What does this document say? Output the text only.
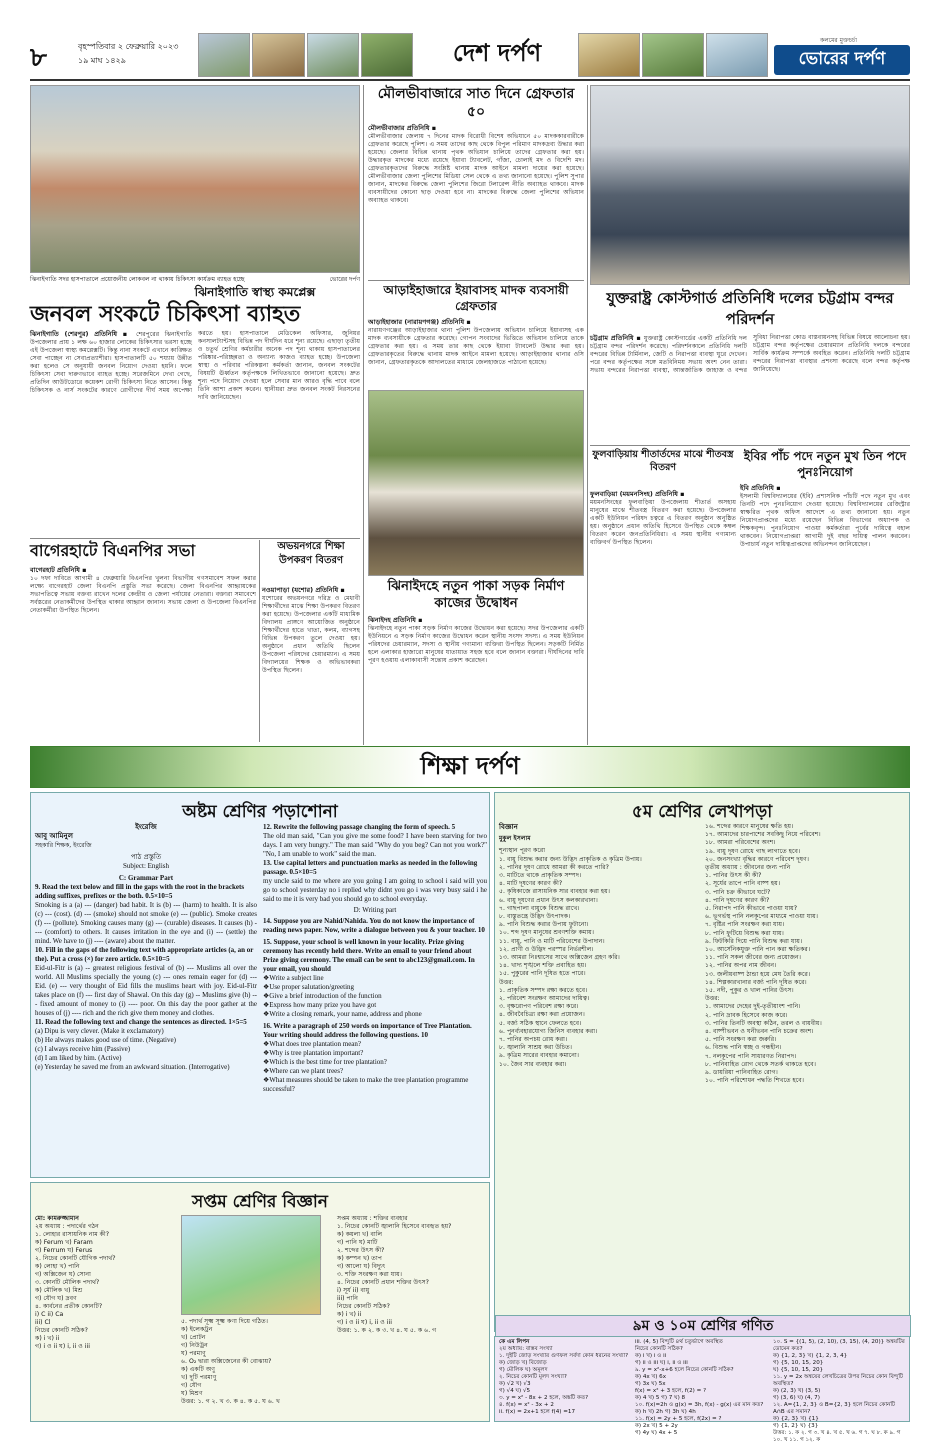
৮	বৃহস্পতিবার ২ ফেব্রুয়ারি ২০২৩
১৯ মাঘ ১৪২৯	দেশ দর্পণ	কলমের মুক্তচর্চা
ভোরের দর্পণ
ঝিনাইগাতি সদর হাসপাতালে প্রয়োজনীয় লোকবল না থাকায় চিকিৎসা কার্যক্রম ব্যাহত হচ্ছে	ভোরের দর্পণ
ঝিনাইগাতি স্বাস্থ্য কমপ্লেক্স
জনবল সংকটে চিকিৎসা ব্যাহত
ঝিনাইগাতি (শেরপুর) প্রতিনিধি ▪ শেরপুরের ঝিনাইগাতি উপজেলার প্রায় ১ লক্ষ ৬০ হাজার লোকের চিকিৎসার ভরসা হচ্ছে এই উপজেলা স্বাস্থ্য কমপ্লেক্সটি। কিন্তু নানা সংকটে এখানে কাঙ্ক্ষিত সেবা পাচ্ছেন না সেবাপ্রত্যাশীরা। হাসপাতালটি ৫০ শয্যায় উন্নীত করা হলেও সে অনুযায়ী জনবল নিয়োগ দেওয়া হয়নি। ফলে চিকিৎসা সেবা দারুণভাবে ব্যাহত হচ্ছে। সরেজমিনে দেখা গেছে, প্রতিদিন আউটডোরে কয়েকশ রোগী চিকিৎসা নিতে আসেন। কিন্তু চিকিৎসক ও নার্স সংকটের কারণে রোগীদের দীর্ঘ সময় অপেক্ষা করতে হয়। হাসপাতালে মেডিকেল অফিসার, জুনিয়র কনসালট্যান্টসহ বিভিন্ন পদ দীর্ঘদিন ধরে শূন্য রয়েছে। এছাড়া তৃতীয় ও চতুর্থ শ্রেণির কর্মচারীর অনেক পদ শূন্য থাকায় হাসপাতালের পরিষ্কার-পরিচ্ছন্নতা ও অন্যান্য কাজও ব্যাহত হচ্ছে। উপজেলা স্বাস্থ্য ও পরিবার পরিকল্পনা কর্মকর্তা জানান, জনবল সংকটের বিষয়টি ঊর্ধ্বতন কর্তৃপক্ষকে লিখিতভাবে জানানো হয়েছে। দ্রুত শূন্য পদে নিয়োগ দেওয়া হলে সেবার মান আরও বৃদ্ধি পাবে বলে তিনি আশা প্রকাশ করেন। স্থানীয়রা দ্রুত জনবল সংকট নিরসনের দাবি জানিয়েছেন।
মৌলভীবাজারে সাত দিনে গ্রেফতার ৫০
মৌলভীবাজার প্রতিনিধি ▪
মৌলভীবাজার জেলায় ৭ দিনের মাদক বিরোধী বিশেষ অভিযানে ৫০ মাদককারবারীকে গ্রেফতার করেছে পুলিশ। এ সময় তাদের কাছ থেকে বিপুল পরিমাণ মাদকদ্রব্য উদ্ধার করা হয়েছে। জেলার বিভিন্ন থানায় পৃথক অভিযান চালিয়ে তাদের গ্রেফতার করা হয়। উদ্ধারকৃত মাদকের মধ্যে রয়েছে ইয়াবা ট্যাবলেট, গাঁজা, চোলাই মদ ও বিদেশি মদ। গ্রেফতারকৃতদের বিরুদ্ধে সংশ্লিষ্ট থানায় মাদক আইনে মামলা দায়ের করা হয়েছে। মৌলভীবাজার জেলা পুলিশের মিডিয়া সেল থেকে এ তথ্য জানানো হয়েছে। পুলিশ সুপার জানান, মাদকের বিরুদ্ধে জেলা পুলিশের জিরো টলারেন্স নীতি অব্যাহত থাকবে। মাদক ব্যবসায়ীদের কোনো ছাড় দেওয়া হবে না। মাদকের বিরুদ্ধে জেলা পুলিশের অভিযান অব্যাহত থাকবে।
আড়াইহাজারে ইয়াবাসহ মাদক ব্যবসায়ী গ্রেফতার
আড়াইহাজার (নারায়ণগঞ্জ) প্রতিনিধি ▪
নারায়ণগঞ্জের আড়াইহাজার থানা পুলিশ উপজেলায় অভিযান চালিয়ে ইয়াবাসহ এক মাদক ব্যবসায়ীকে গ্রেফতার করেছে। গোপন সংবাদের ভিত্তিতে অভিযান চালিয়ে তাকে গ্রেফতার করা হয়। এ সময় তার কাছ থেকে ইয়াবা ট্যাবলেট উদ্ধার করা হয়। গ্রেফতারকৃতের বিরুদ্ধে থানায় মাদক আইনে মামলা হয়েছে। আড়াইহাজার থানার ওসি জানান, গ্রেফতারকৃতকে আদালতের মাধ্যমে জেলহাজতে পাঠানো হয়েছে।
যুক্তরাষ্ট্র কোস্টগার্ড প্রতিনিধি দলের চট্টগ্রাম বন্দর পরিদর্শন
চট্টগ্রাম প্রতিনিধি ▪ যুক্তরাষ্ট্র কোস্টগার্ডের একটি প্রতিনিধি দল চট্টগ্রাম বন্দর পরিদর্শন করেছে। পরিদর্শনকালে প্রতিনিধি দলটি বন্দরের বিভিন্ন টার্মিনাল, জেটি ও নিরাপত্তা ব্যবস্থা ঘুরে দেখেন। পরে বন্দর কর্তৃপক্ষের সঙ্গে মতবিনিময় সভায় অংশ নেন তারা। সভায় বন্দরের নিরাপত্তা ব্যবস্থা, আন্তর্জাতিক জাহাজ ও বন্দর সুবিধা নিরাপত্তা কোড বাস্তবায়নসহ বিভিন্ন বিষয়ে আলোচনা হয়। চট্টগ্রাম বন্দর কর্তৃপক্ষের চেয়ারম্যান প্রতিনিধি দলকে বন্দরের সার্বিক কার্যক্রম সম্পর্কে অবহিত করেন। প্রতিনিধি দলটি চট্টগ্রাম বন্দরের নিরাপত্তা ব্যবস্থার প্রশংসা করেছে বলে বন্দর কর্তৃপক্ষ জানিয়েছে।
ইবির পাঁচ পদে নতুন মুখ তিন পদে পুনঃনিয়োগ
ইবি প্রতিনিধি ▪
ইসলামী বিশ্ববিদ্যালয়ের (ইবি) প্রশাসনিক পাঁচটি পদে নতুন মুখ এবং তিনটি পদে পুনঃনিয়োগ দেওয়া হয়েছে। বিশ্ববিদ্যালয়ের রেজিস্ট্রার স্বাক্ষরিত পৃথক অফিস আদেশে এ তথ্য জানানো হয়। নতুন নিয়োগপ্রাপ্তদের মধ্যে রয়েছেন বিভিন্ন বিভাগের অধ্যাপক ও শিক্ষকবৃন্দ। পুনঃনিয়োগ পাওয়া কর্মকর্তারা পূর্বের দায়িত্বে বহাল থাকবেন। নিয়োগপ্রাপ্তরা আগামী দুই বছর দায়িত্ব পালন করবেন। উপাচার্য নতুন দায়িত্বপ্রাপ্তদের অভিনন্দন জানিয়েছেন।
ফুলবাড়িয়ায় শীতার্তদের মাঝে শীতবস্ত্র বিতরণ
ফুলবাড়িয়া (ময়মনসিংহ) প্রতিনিধি ▪
ময়মনসিংহের ফুলবাড়িয়া উপজেলায় শীতার্ত অসহায় মানুষের মাঝে শীতবস্ত্র বিতরণ করা হয়েছে। উপজেলার একটি ইউনিয়ন পরিষদ চত্বরে এ বিতরণ অনুষ্ঠান অনুষ্ঠিত হয়। অনুষ্ঠানে প্রধান অতিথি হিসেবে উপস্থিত থেকে কম্বল বিতরণ করেন জনপ্রতিনিধিরা। এ সময় স্থানীয় গণ্যমান্য ব্যক্তিবর্গ উপস্থিত ছিলেন।
বাগেরহাটে বিএনপির সভা
বাগেরহাট প্রতিনিধি ▪
১০ দফা দাবিতে আগামী ৪ ফেব্রুয়ারি বিএনপির খুলনা বিভাগীয় গণসমাবেশ সফল করার লক্ষ্যে বাগেরহাট জেলা বিএনপি প্রস্তুতি সভা করেছে। জেলা বিএনপির আহ্বায়কের সভাপতিত্বে সভায় বক্তব্য রাখেন দলের কেন্দ্রীয় ও জেলা পর্যায়ের নেতারা। বক্তারা সমাবেশে সর্বস্তরের নেতাকর্মীদের উপস্থিত থাকার আহ্বান জানান। সভায় জেলা ও উপজেলা বিএনপির নেতাকর্মীরা উপস্থিত ছিলেন।
অভয়নগরে শিক্ষা উপকরণ বিতরণ
নওয়াপাড়া (যশোর) প্রতিনিধি ▪
যশোরের অভয়নগরে দরিদ্র ও মেধাবী শিক্ষার্থীদের মাঝে শিক্ষা উপকরণ বিতরণ করা হয়েছে। উপজেলার একটি মাধ্যমিক বিদ্যালয় প্রাঙ্গণে আয়োজিত অনুষ্ঠানে শিক্ষার্থীদের হাতে খাতা, কলম, ব্যাগসহ বিভিন্ন উপকরণ তুলে দেওয়া হয়। অনুষ্ঠানে প্রধান অতিথি ছিলেন উপজেলা পরিষদের চেয়ারম্যান। এ সময় বিদ্যালয়ের শিক্ষক ও অভিভাবকরা উপস্থিত ছিলেন।
ঝিনাইদহে নতুন পাকা সড়ক নির্মাণ কাজের উদ্বোধন
ঝিনাইদহ প্রতিনিধি ▪
ঝিনাইদহে নতুন পাকা সড়ক নির্মাণ কাজের উদ্বোধন করা হয়েছে। সদর উপজেলার একটি ইউনিয়নে এ সড়ক নির্মাণ কাজের উদ্বোধন করেন স্থানীয় সংসদ সদস্য। এ সময় ইউনিয়ন পরিষদের চেয়ারম্যান, সদস্য ও স্থানীয় গণ্যমান্য ব্যক্তিরা উপস্থিত ছিলেন। সড়কটি নির্মিত হলে এলাকার হাজারো মানুষের যাতায়াত সহজ হবে বলে জানান বক্তারা। দীর্ঘদিনের দাবি পূরণ হওয়ায় এলাকাবাসী সন্তোষ প্রকাশ করেছেন।
শিক্ষা দর্পণ
অষ্টম শ্রেণির পড়াশোনা
ইংরেজি
আবু আমিনুল
সহকারি শিক্ষক, ইংরেজি
পাঠ প্রস্তুতি
Subject: English
C: Grammar Part
9. Read the text below and fill in the gaps with the root in the brackets adding suffixes, prefixes or the both. 0.5×10=5
Smoking is a (a) --- (danger) bad habit. It is (b) --- (harm) to health. It is also (c) --- (cost). (d) --- (smoke) should not smoke (e) --- (public). Smoke creates (f) --- (pollute). Smoking causes many (g) --- (curable) diseases. It causes (h) ---- (comfort) to others. It causes irritation in the eye and (i) --- (settle) the mind. We have to (j) ---- (aware) about the matter.
10. Fill in the gaps of the following text with appropriate articles (a, an or the). Put a cross (×) for zero article. 0.5×10=5
Eid-ul-Fitr is (a) -- greatest religious festival of (b) --- Muslims all over the world. All Muslims specially the young (c) --- ones remain eager for (d) --- Eid. (e) --- very thought of Eid fills the muslims heart with joy. Eid-ul-Fitr takes place on (f) --- first day of Shawal. On this day (g) -- Muslims give (h) --- fixed amount of money to (i) ---- poor. On this day the poor gather at the houses of (j) ---- rich and the rich give them money and clothes.
11. Read the following text and change the sentences as directed. 1×5=5
(a) Dipu is very clever. (Make it exclamatory)
(b) He always makes good use of time. (Negative)
(c) I always receive him (Passive)
(d) I am liked by him. (Active)
(e) Yesterday he saved me from an awkward situation. (Interrogative)
12. Rewrite the following passage changing the form of speech. 5
The old man said, "Can you give me some food? I have been starving for two days. I am very hungry." The man said "Why do you beg? Can not you work?" "No, I am unable to work" said the man.
13. Use capital letters and punctuation marks as needed in the following passage. 0.5×10=5
my uncle said to me where are you going I am going to school i said will you go to school yesterday no i replied why didnt you go i was very busy said i he said to me it is very bad you should go to school everyday.
D: Writing part
14. Suppose you are Nahid/Nahida. You do not know the importance of reading news paper. Now, write a dialogue between you & your teacher. 10
15. Suppose, your school is well known in your locality. Prize giving ceremony has recently held there. Write an email to your friend about Prize giving ceremony. The email can be sent to abc123@gmail.com. In your email, you should
❖Write a subject line
❖Use proper salutation/greeting
❖Give a brief introduction of the function
❖Express how many prize you have got
❖Write a closing remark, your name, address and phone
16. Write a paragraph of 250 words on importance of Tree Plantation. Your writing should address the following questions. 10
❖What does tree plantation mean?
❖Why is tree plantation important?
❖Which is the best time for tree plantation?
❖Where can we plant trees?
❖What measures should be taken to make the tree plantation programme successful?
৫ম শ্রেণির লেখাপড়া
বিজ্ঞান
মুকুল ইসলাম
শূন্যস্থান পূরণ করো
১. বায়ু বিশুদ্ধ করার জন্য উদ্ভিদ প্রাকৃতিক ও কৃত্রিম উপায়।
২. পানির দূষণ রোধে আমরা কী করতে পারি?
৩. মাটিতে থাকে প্রাকৃতিক সম্পদ।
৪. মাটি দূষণের কারণ কী?
৫. কৃষিকাজে রাসায়নিক সার ব্যবহার করা হয়।
৬. বায়ু দূষণের প্রধান উৎস কলকারখানা।
৭. গাছপালা বায়ুকে বিশুদ্ধ রাখে।
৮. বাস্তুতন্ত্রে উদ্ভিদ উৎপাদক।
৯. পানি বিশুদ্ধ করার উপায় ফুটানো।
১০. শব্দ দূষণ মানুষের শ্রবণশক্তি কমায়।
১১. বায়ু, পানি ও মাটি পরিবেশের উপাদান।
১২. প্রাণী ও উদ্ভিদ পরস্পর নির্ভরশীল।
১৩. আমরা নিঃশ্বাসের সাথে অক্সিজেন গ্রহণ করি।
১৪. খাদ্য শৃঙ্খলে শক্তি প্রবাহিত হয়।
১৫. পুকুরের পানি দূষিত হতে পারে।
উত্তর:
১. প্রাকৃতিক সম্পদ রক্ষা করতে হবে।
২. পরিবেশ সংরক্ষণ আমাদের দায়িত্ব।
৩. বৃক্ষরোপণ পরিবেশ রক্ষা করে।
৪. জীববৈচিত্র্য রক্ষা করা প্রয়োজন।
৫. বর্জ্য সঠিক স্থানে ফেলতে হবে।
৬. পুনর্ব্যবহারযোগ্য জিনিস ব্যবহার করা।
৭. পানির অপচয় রোধ করা।
৮. জ্বালানি সাশ্রয় করা উচিত।
৯. কৃত্রিম সারের ব্যবহার কমানো।
১০. জৈব সার ব্যবহার করা।
১৬. শব্দের কারণে মানুষের ক্ষতি হয়।
১৭. আমাদের চারপাশের সবকিছু নিয়ে পরিবেশ।
১৮. আমরা পরিবেশের অংশ।
১৯. বায়ু দূষণ রোধে গাছ লাগাতে হবে।
২০. জনসংখ্যা বৃদ্ধির কারণে পরিবেশ দূষণ।
তৃতীয় অধ্যায় : জীবনের জন্য পানি
১. পানির উৎস কী কী?
২. সূর্যের তাপে পানি বাষ্প হয়।
৩. পানি চক্র কীভাবে ঘটে?
৪. পানি দূষণের কারণ কী?
৫. নিরাপদ পানি কীভাবে পাওয়া যায়?
৬. ভূগর্ভস্থ পানি নলকূপের মাধ্যমে পাওয়া যায়।
৭. বৃষ্টির পানি সংরক্ষণ করা যায়।
৮. পানি ফুটিয়ে বিশুদ্ধ করা যায়।
৯. ফিটকিরি দিয়ে পানি বিশুদ্ধ করা যায়।
১০. আর্সেনিকযুক্ত পানি পান করা ক্ষতিকর।
১১. পানি সকল জীবের জন্য প্রয়োজন।
১২. পানির অপর নাম জীবন।
১৩. জলীয়বাষ্প ঠান্ডা হয়ে মেঘ তৈরি করে।
১৪. শিল্পকারখানার বর্জ্য পানি দূষিত করে।
১৫. নদী, পুকুর ও খাল পানির উৎস।
উত্তর:
১. আমাদের দেহের দুই-তৃতীয়াংশ পানি।
২. পানি দ্রাবক হিসেবে কাজ করে।
৩. পানির তিনটি অবস্থা কঠিন, তরল ও বায়বীয়।
৪. বাষ্পীভবন ও ঘনীভবন পানি চক্রের অংশ।
৫. পানি সংরক্ষণ করা জরুরি।
৬. বিশুদ্ধ পানি স্বচ্ছ ও গন্ধহীন।
৭. নলকূপের পানি সাধারণত নিরাপদ।
৮. পানিবাহিত রোগ থেকে সতর্ক থাকতে হবে।
৯. ডায়রিয়া পানিবাহিত রোগ।
১০. পানি পরিশোধন পদ্ধতি শিখতে হবে।
সপ্তম শ্রেণির বিজ্ঞান
মো: কামরুজ্জামান
২য় অধ্যায় : পদার্থের গঠন
১. লোহার রাসায়নিক নাম কী?
ক) Ferum খ) Faram
গ) Ferrum ঘ) Ferus
২. নিচের কোনটি যৌগিক পদার্থ?
ক) লোহা খ) পানি
গ) অক্সিজেন ঘ) সোনা
৩. কোনটি মৌলিক পদার্থ?
ক) মৌলিক খ) মিশ্র
গ) যৌগ ঘ) দ্রবণ
৪. কার্বনের প্রতীক কোনটি?
i) C ii) Ca
iii) Cl
নিচের কোনটি সঠিক?
ক) i খ) ii
গ) i ও ii ঘ) i, ii ও iii
৫. পদার্থ সূক্ষ্ম সূক্ষ্ম কণা দিয়ে গঠিত।
ক) ইলেকট্রন
খ) প্রোটন
গ) নিউট্রন
ঘ) পরমাণু
৬. O₂ দ্বারা অক্সিজেনের কী বোঝায়?
ক) একটি অণু
খ) দুটি পরমাণু
গ) যৌগ
ঘ) মিশ্রণ
উত্তর: ১. গ ২. খ ৩. ক ৪. ক ৫. ঘ ৬. খ
সপ্তম অধ্যায় : শক্তির ব্যবহার
১. নিচের কোনটি জ্বালানি হিসেবে ব্যবহৃত হয়?
ক) কয়লা খ) বালি
গ) পানি ঘ) মাটি
২. শব্দের উৎস কী?
ক) কম্পন খ) তাপ
গ) আলো ঘ) বিদ্যুৎ
৩. শক্তি সংরক্ষণ করা যায়।
৪. নিচের কোনটি প্রধান শক্তির উৎস?
i) সূর্য ii) বায়ু
iii) পানি
নিচের কোনটি সঠিক?
ক) i খ) ii
গ) i ও ii ঘ) i, ii ও iii
উত্তর: ১. ক ২. ক ৩. খ ৪. ঘ ৫. ক ৬. গ	৯ম ও ১০ম শ্রেণির গণিত
কে এম লিপন
২য় অধ্যায়: বাস্তব সংখ্যা
১. দুইটি জোড় সংখ্যার গুণফল সর্বদা কোন ধরনের সংখ্যা?
ক) জোড় খ) বিজোড়
গ) মৌলিক ঘ) অমূলদ
২. নিচের কোনটি মূলদ সংখ্যা?
ক) √2 খ) √3
গ) √4 ঘ) √5
৩. y = x² - 8x + 2 হলে, অঙ্কটি কত?
৪. f(x) = x² - 3x + 2
ii. f(x) = 2x+1 হলে f(4) =17
iii. (4, 5) বিন্দুটি ৪র্থ চতুর্ভাগে অবস্থিত
নিচের কোনটি সঠিক?
ক) i খ) i ও ii
গ) ii ও iii ঘ) i, ii ও iii
৯. y = x²-x+6 হলে নিচের কোনটি সঠিক?
ক) 4x খ) 6x
গ) 3x ঘ) 5x
f(x) = x² + 3 হলে, f(2) = ?
ক) 4 খ) 5 গ) 7 ঘ) 8
১০. f(x)=2h ও g(x) = 3h, f(x) - g(x) এর মান কত?
ক) h খ) 2h গ) 3h ঘ) 4h
১১. f(x) = 2y + 5 হলে, f(2x) = ?
ক) 2x খ) 5 + 2y
গ) 4y ঘ) 4x + 5
১০. S = {(1, 5), (2, 10), (3, 15), (4, 20)} অন্বয়টির ডোমেন কত?
ক) {1, 2, 3} খ) {1, 2, 3, 4}
গ) {5, 10, 15, 20}
ঘ) {5, 10, 15, 20}
১১. y = 2x অন্বয়ের লেখচিত্রের উপর নিচের কোন বিন্দুটি অবস্থিত?
ক) (2, 3) খ) (3, 5)
গ) (3, 6) ঘ) (4, 7)
১২. A={1, 2, 3} ও B={2, 3} হলে নিচের কোনটি A∩B এর সমান?
ক) {2, 3} খ) {1}
গ) {1, 2} ঘ) {3}
উত্তর: ১. ক ২. গ ৩. খ ৪. খ ৫. খ ৬. গ ৭. ঘ ৮. ক ৯. গ ১০. খ ১১. গ ১২. ক
